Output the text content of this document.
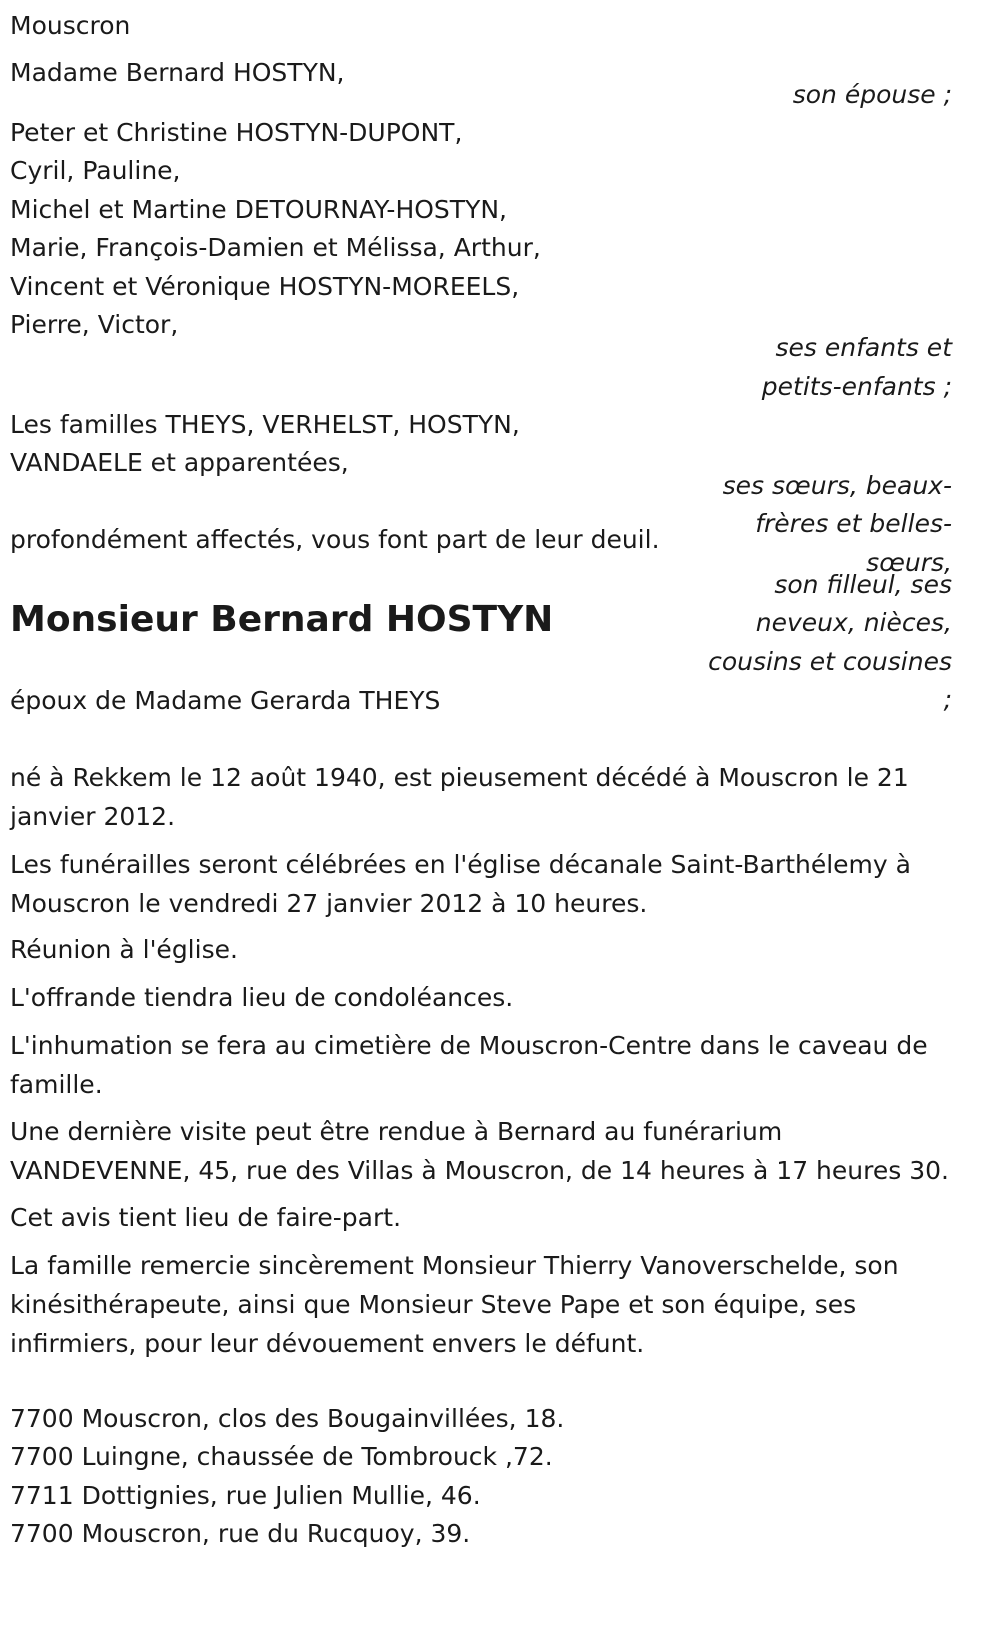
Mouscron
Madame Bernard HOSTYN,
son épouse ;
Peter et Christine HOSTYN-DUPONT,
Cyril, Pauline,
Michel et Martine DETOURNAY-HOSTYN,
Marie, François-Damien et Mélissa, Arthur,
Vincent et Véronique HOSTYN-MOREELS,
Pierre, Victor,
ses enfants et
petits-enfants ;
Les familles THEYS, VERHELST, HOSTYN,
VANDAELE et apparentées,
ses sœurs, beaux-
frères et belles-
sœurs,
profondément affectés, vous font part de leur deuil.
son filleul, ses
neveux, nièces,
cousins et cousines
;
Monsieur Bernard HOSTYN
époux de Madame Gerarda THEYS

né à Rekkem le 12 août 1940, est pieusement décédé à Mouscron le 21 janvier 2012.

Les funérailles seront célébrées en l'église décanale Saint-Barthélemy à Mouscron le vendredi 27 janvier 2012 à 10 heures.

Réunion à l'église.

L'offrande tiendra lieu de condoléances.

L'inhumation se fera au cimetière de Mouscron-Centre dans le caveau de famille.

Une dernière visite peut être rendue à Bernard au funérarium VANDEVENNE, 45, rue des Villas à Mouscron, de 14 heures à 17 heures 30.

Cet avis tient lieu de faire-part.

La famille remercie sincèrement Monsieur Thierry Vanoverschelde, son kinésithérapeute, ainsi que Monsieur Steve Pape et son équipe, ses infirmiers, pour leur dévouement envers le défunt.

7700 Mouscron, clos des Bougainvillées, 18.
7700 Luingne, chaussée de Tombrouck ,72.
7711 Dottignies, rue Julien Mullie, 46.
7700 Mouscron, rue du Rucquoy, 39.
